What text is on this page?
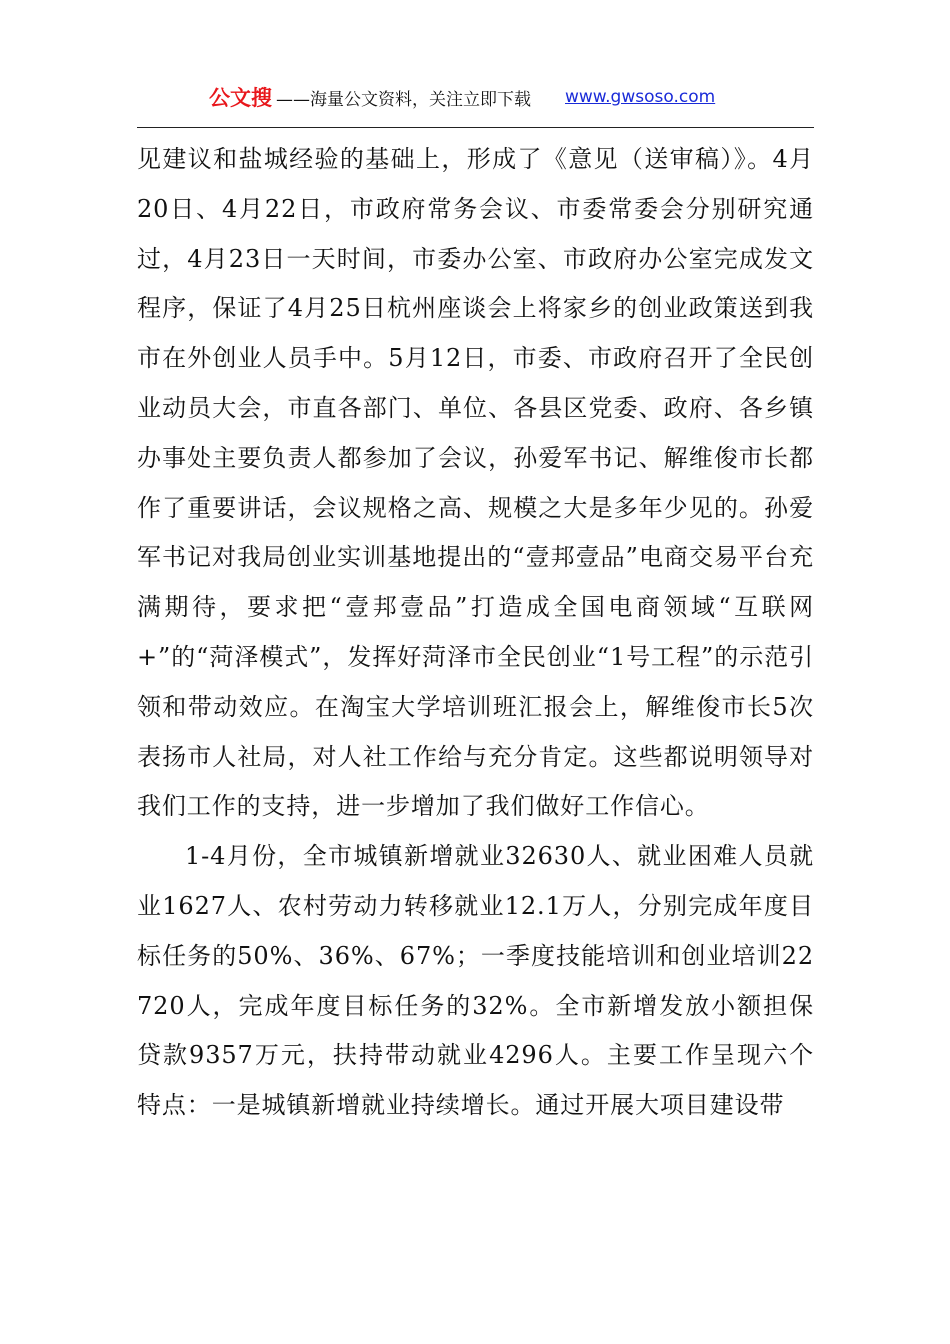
公文搜 ——海量公文资料，关注立即下载 www.gwsoso.com

见建议和盐城经验的基础上，形成了《意见（送审稿）》。4月20日、4月22日，市政府常务会议、市委常委会分别研究通过，4月23日一天时间，市委办公室、市政府办公室完成发文程序，保证了4月25日杭州座谈会上将家乡的创业政策送到我市在外创业人员手中。5月12日，市委、市政府召开了全民创业动员大会，市直各部门、单位、各县区党委、政府、各乡镇办事处主要负责人都参加了会议，孙爱军书记、解维俊市长都作了重要讲话，会议规格之高、规模之大是多年少见的。孙爱军书记对我局创业实训基地提出的“壹邦壹品”电商交易平台充满期待，要求把“壹邦壹品”打造成全国电商领域“互联网+”的“菏泽模式”，发挥好菏泽市全民创业“1号工程”的示范引领和带动效应。在淘宝大学培训班汇报会上，解维俊市长5次表扬市人社局，对人社工作给与充分肯定。这些都说明领导对我们工作的支持，进一步增加了我们做好工作信心。

1-4月份，全市城镇新增就业32630人、就业困难人员就业1627人、农村劳动力转移就业12.1万人，分别完成年度目标任务的50%、36%、67%；一季度技能培训和创业培训22720人，完成年度目标任务的32%。全市新增发放小额担保贷款9357万元，扶持带动就业4296人。主要工作呈现六个特点：一是城镇新增就业持续增长。通过开展大项目建设带
